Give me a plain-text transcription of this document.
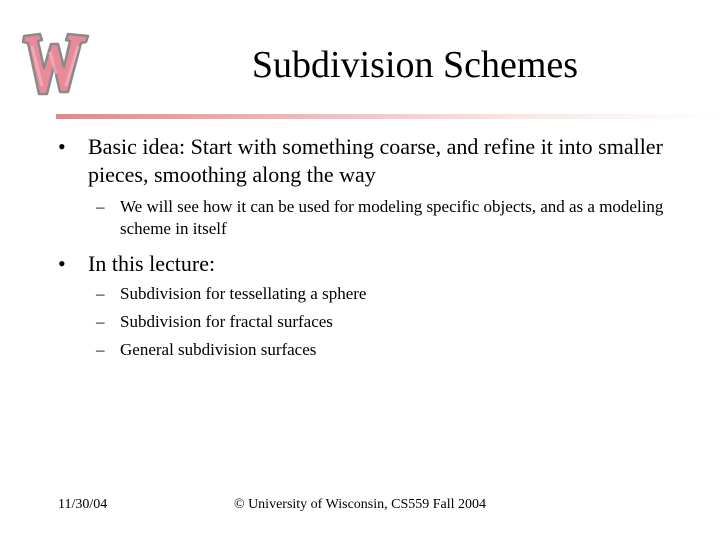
Subdivision Schemes
• Basic idea: Start with something coarse, and refine it into smaller pieces, smoothing along the way
– We will see how it can be used for modeling specific objects, and as a modeling scheme in itself
• In this lecture:
– Subdivision for tessellating a sphere
– Subdivision for fractal surfaces
– General subdivision surfaces
11/30/04	© University of Wisconsin, CS559 Fall 2004
